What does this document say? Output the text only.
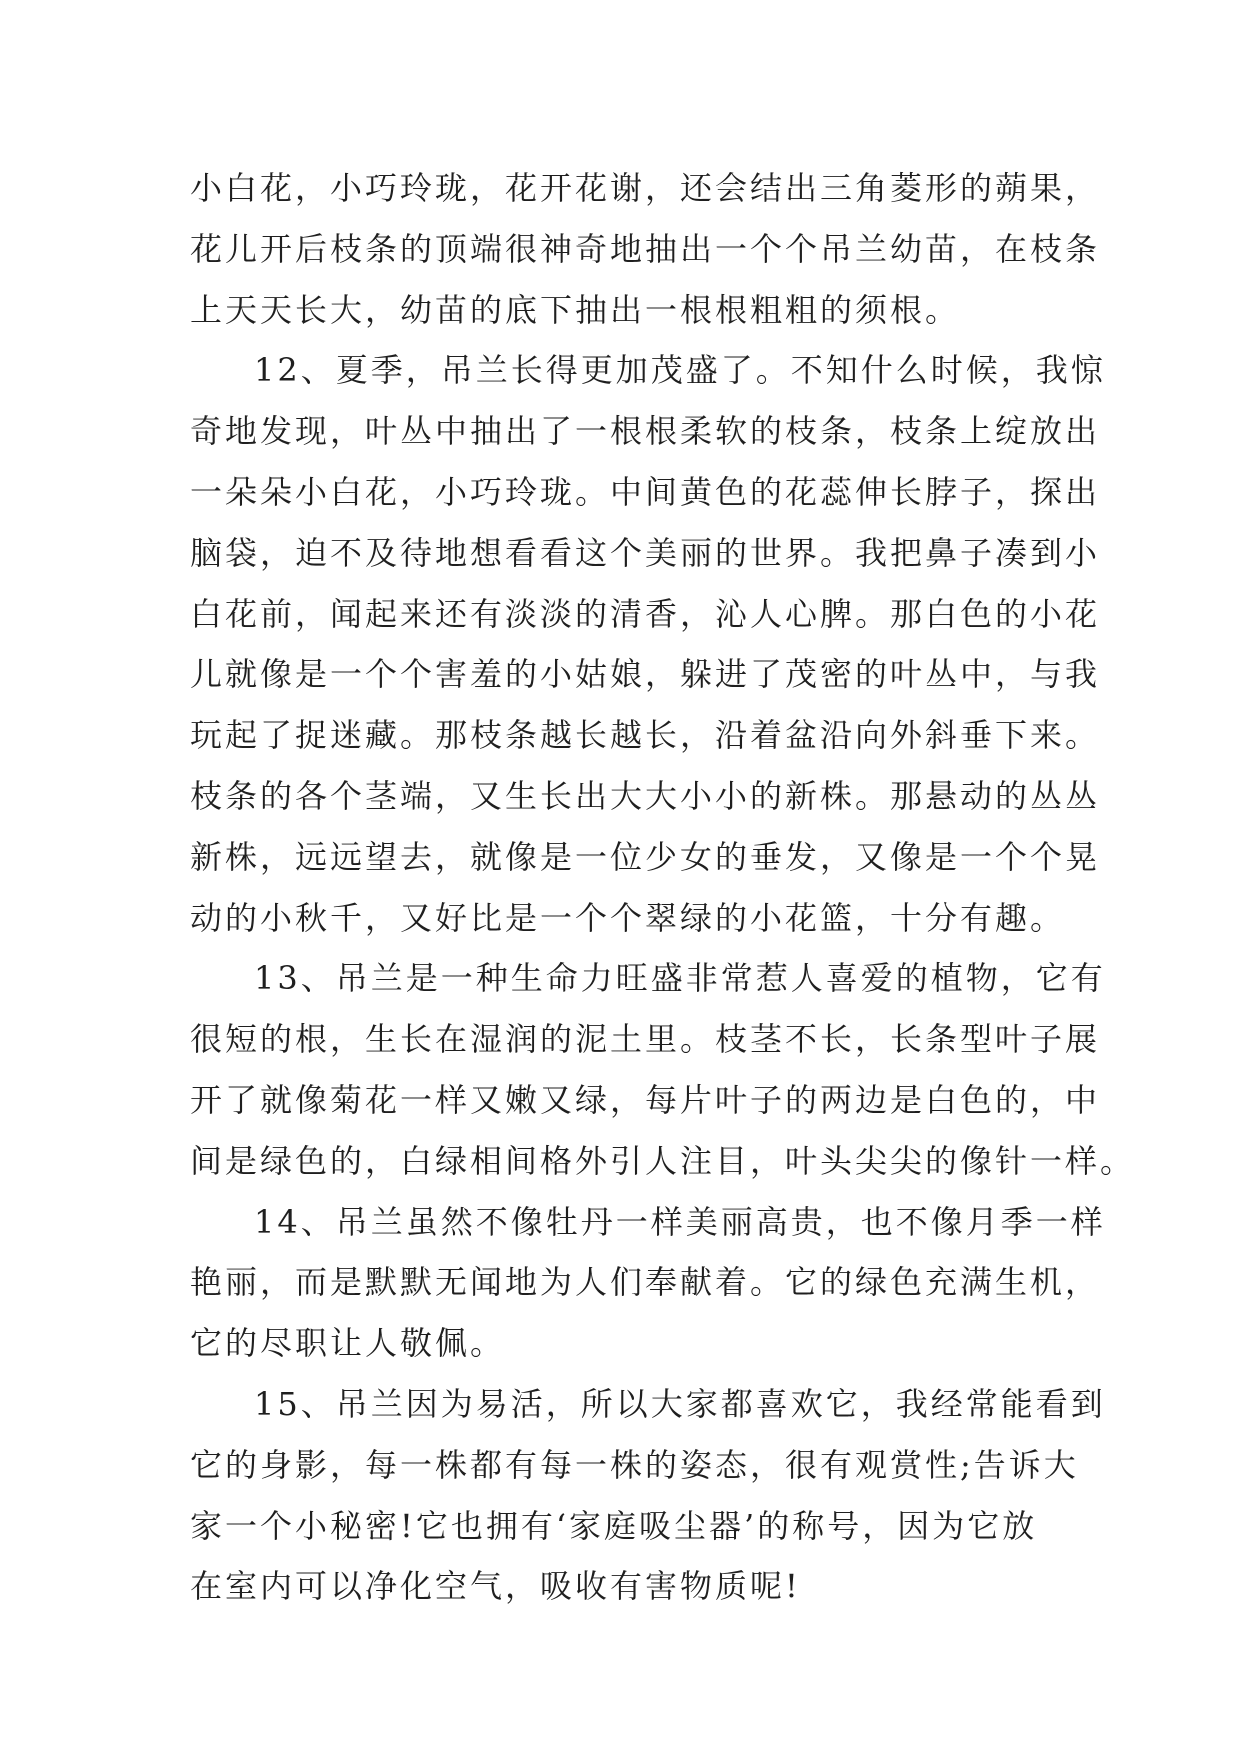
小白花，小巧玲珑，花开花谢，还会结出三角菱形的蒴果，
花儿开后枝条的顶端很神奇地抽出一个个吊兰幼苗，在枝条
上天天长大，幼苗的底下抽出一根根粗粗的须根。
12、夏季，吊兰长得更加茂盛了。不知什么时候，我惊
奇地发现，叶丛中抽出了一根根柔软的枝条，枝条上绽放出
一朵朵小白花，小巧玲珑。中间黄色的花蕊伸长脖子，探出
脑袋，迫不及待地想看看这个美丽的世界。我把鼻子凑到小
白花前，闻起来还有淡淡的清香，沁人心脾。那白色的小花
儿就像是一个个害羞的小姑娘，躲进了茂密的叶丛中，与我
玩起了捉迷藏。那枝条越长越长，沿着盆沿向外斜垂下来。
枝条的各个茎端，又生长出大大小小的新株。那悬动的丛丛
新株，远远望去，就像是一位少女的垂发，又像是一个个晃
动的小秋千，又好比是一个个翠绿的小花篮，十分有趣。
13、吊兰是一种生命力旺盛非常惹人喜爱的植物，它有
很短的根，生长在湿润的泥土里。枝茎不长，长条型叶子展
开了就像菊花一样又嫩又绿，每片叶子的两边是白色的，中
间是绿色的，白绿相间格外引人注目，叶头尖尖的像针一样。
14、吊兰虽然不像牡丹一样美丽高贵，也不像月季一样
艳丽，而是默默无闻地为人们奉献着。它的绿色充满生机，
它的尽职让人敬佩。
15、吊兰因为易活，所以大家都喜欢它，我经常能看到
它的身影，每一株都有每一株的姿态，很有观赏性;告诉大
家一个小秘密!它也拥有‘家庭吸尘器’的称号，因为它放
在室内可以净化空气，吸收有害物质呢!
